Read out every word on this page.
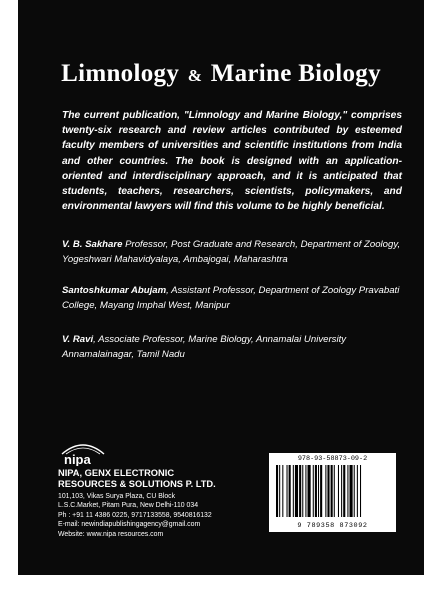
Limnology & Marine Biology
The current publication, "Limnology and Marine Biology," comprises twenty-six research and review articles contributed by esteemed faculty members of universities and scientific institutions from India and other countries. The book is designed with an application-oriented and interdisciplinary approach, and it is anticipated that students, teachers, researchers, scientists, policymakers, and environmental lawyers will find this volume to be highly beneficial.
V. B. Sakhare Professor, Post Graduate and Research, Department of Zoology, Yogeshwari Mahavidyalaya, Ambajogai, Maharashtra
Santoshkumar Abujam, Assistant Professor, Department of Zoology Pravabati College, Mayang Imphal West, Manipur
V. Ravi, Associate Professor, Marine Biology, Annamalai University Annamalainagar, Tamil Nadu
nipa
NIPA, GENX ELECTRONIC
RESOURCES & SOLUTIONS P. LTD.
101,103, Vikas Surya Plaza, CU Block
L.S.C.Market, Pitam Pura, New Delhi-110 034
Ph : +91 11 4386 0225, 9717133558, 9540816132
E-mail: newindiapublishingagency@gmail.com
Website: www.nipa resources.com
978-93-58873-09-2
9 789358 873092
